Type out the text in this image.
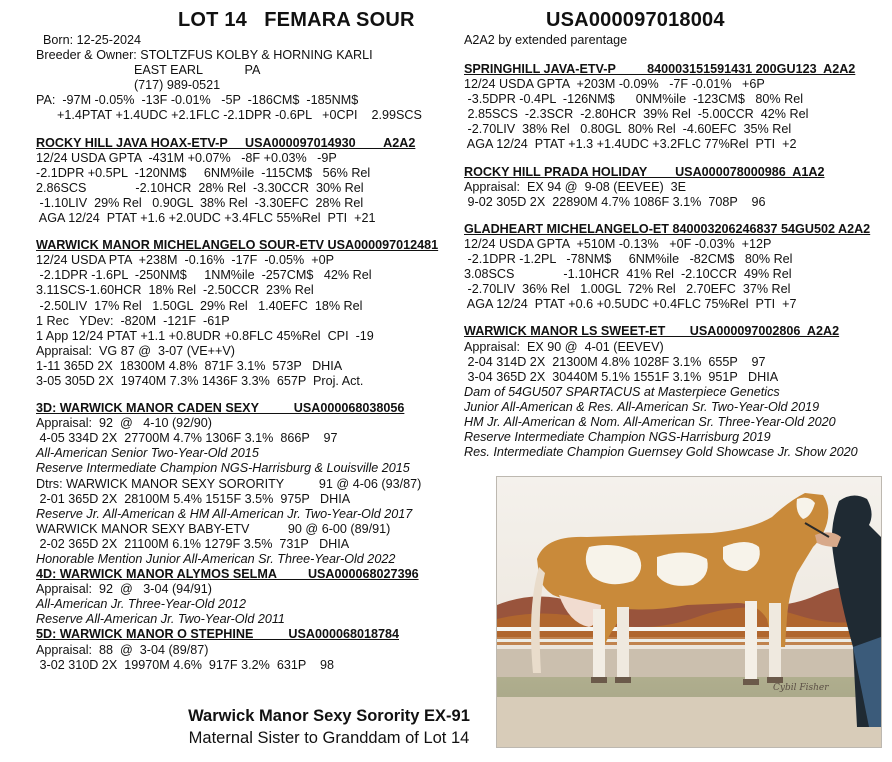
LOT 14   FEMARA SOUR	USA000097018004
A2A2 by extended parentage
Born: 12-25-2024
Breeder & Owner: STOLTZFUS KOLBY & HORNING KARLI
EAST EARL            PA
(717) 989-0521
PA:  -97M -0.05%  -13F -0.01%   -5P  -186CM$  -185NM$
+1.4PTAT +1.4UDC +2.1FLC -2.1DPR -0.6PL   +0CPI    2.99SCS
ROCKY HILL JAVA HOAX-ETV-P     USA000097014930        A2A2
12/24 USDA GPTA  -431M +0.07%   -8F +0.03%   -9P
-2.1DPR +0.5PL  -120NM$     6NM%ile  -115CM$   56% Rel
2.86SCS              -2.10HCR  28% Rel  -3.30CCR  30% Rel
-1.10LIV  29% Rel   0.90GL  38% Rel  -3.30EFC  28% Rel
AGA 12/24  PTAT +1.6 +2.0UDC +3.4FLC 55%Rel  PTI  +21
WARWICK MANOR MICHELANGELO SOUR-ETV USA000097012481
12/24 USDA PTA  +238M  -0.16%  -17F  -0.05%  +0P
-2.1DPR -1.6PL  -250NM$     1NM%ile  -257CM$   42% Rel
3.11SCS-1.60HCR  18% Rel  -2.50CCR  23% Rel
-2.50LIV  17% Rel   1.50GL  29% Rel   1.40EFC  18% Rel
1 Rec   YDev:  -820M  -121F  -61P
1 App 12/24 PTAT +1.1 +0.8UDR +0.8FLC 45%Rel  CPI  -19
Appraisal:  VG 87 @  3-07 (VE++V)
1-11 365D 2X  18300M 4.8%  871F 3.1%  573P   DHIA
3-05 305D 2X  19740M 7.3% 1436F 3.3%  657P  Proj. Act.
3D: WARWICK MANOR CADEN SEXY          USA000068038056
Appraisal:  92  @   4-10 (92/90)
4-05 334D 2X  27700M 4.7% 1306F 3.1%  866P    97
All-American Senior Two-Year-Old 2015
Reserve Intermediate Champion NGS-Harrisburg & Louisville 2015
Dtrs: WARWICK MANOR SEXY SORORITY          91 @ 4-06 (93/87)
2-01 365D 2X  28100M 5.4% 1515F 3.5%  975P   DHIA
Reserve Jr. All-American & HM All-American Jr. Two-Year-Old 2017
WARWICK MANOR SEXY BABY-ETV           90 @ 6-00 (89/91)
2-02 365D 2X  21100M 6.1% 1279F 3.5%  731P   DHIA
Honorable Mention Junior All-American Sr. Three-Year-Old 2022
4D: WARWICK MANOR ALYMOS SELMA         USA000068027396
Appraisal:  92  @   3-04 (94/91)
All-American Jr. Three-Year-Old 2012
Reserve All-American Jr. Two-Year-Old 2011
5D: WARWICK MANOR O STEPHINE          USA000068018784
Appraisal:  88  @  3-04 (89/87)
3-02 310D 2X  19970M 4.6%  917F 3.2%  631P    98
SPRINGHILL JAVA-ETV-P         840003151591431 200GU123  A2A2
12/24 USDA GPTA  +203M -0.09%   -7F -0.01%   +6P
-3.5DPR -0.4PL  -126NM$      0NM%ile  -123CM$   80% Rel
2.85SCS  -2.3SCR  -2.80HCR  39% Rel  -5.00CCR  42% Rel
-2.70LIV  38% Rel   0.80GL  80% Rel  -4.60EFC  35% Rel
AGA 12/24  PTAT +1.3 +1.4UDC +3.2FLC 77%Rel  PTI  +2
ROCKY HILL PRADA HOLIDAY        USA000078000986  A1A2
Appraisal:  EX 94 @  9-08 (EEVEE)  3E
9-02 305D 2X  22890M 4.7% 1086F 3.1%  708P    96
GLADHEART MICHELANGELO-ET 840003206246837 54GU502 A2A2
12/24 USDA GPTA  +510M -0.13%   +0F -0.03%  +12P
-2.1DPR -1.2PL   -78NM$     6NM%ile   -82CM$   80% Rel
3.08SCS              -1.10HCR  41% Rel  -2.10CCR  49% Rel
-2.70LIV  36% Rel   1.00GL  72% Rel   2.70EFC  37% Rel
AGA 12/24  PTAT +0.6 +0.5UDC +0.4FLC 75%Rel  PTI  +7
WARWICK MANOR LS SWEET-ET       USA000097002806  A2A2
Appraisal:  EX 90 @  4-01 (EEVEV)
2-04 314D 2X  21300M 4.8% 1028F 3.1%  655P    97
3-04 365D 2X  30440M 5.1% 1551F 3.1%  951P   DHIA
Dam of 54GU507 SPARTACUS at Masterpiece Genetics
Junior All-American & Res. All-American Sr. Two-Year-Old 2019
HM Jr. All-American & Nom. All-American Sr. Three-Year-Old 2020
Reserve Intermediate Champion NGS-Harrisburg 2019
Res. Intermediate Champion Guernsey Gold Showcase Jr. Show 2020
Cybil Fisher
Warwick Manor Sexy Sorority EX-91
Maternal Sister to Granddam of Lot 14
